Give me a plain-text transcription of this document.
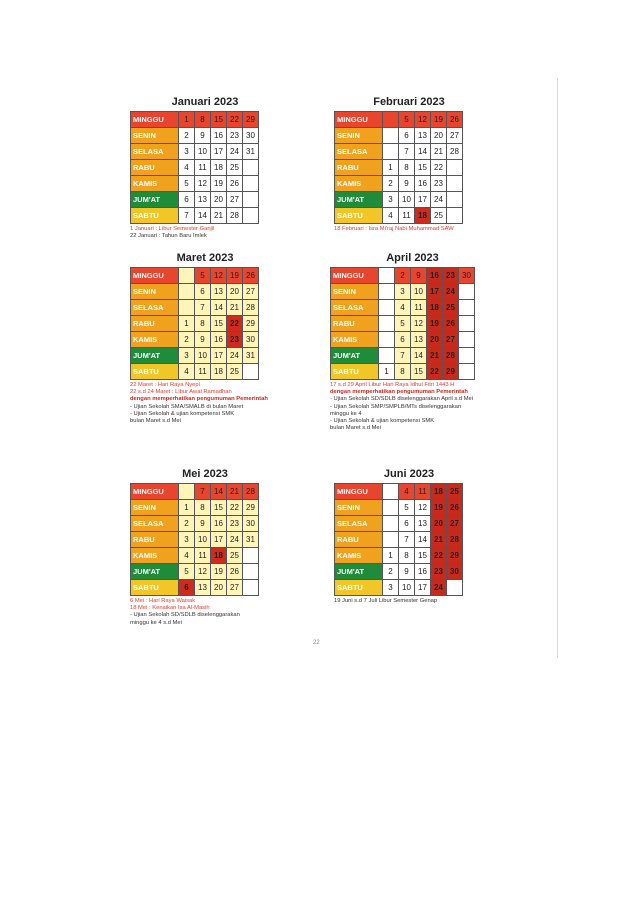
Januari 2023
MINGGU	1	8	15	22	29
SENIN	2	9	16	23	30
SELASA	3	10	17	24	31
RABU	4	11	18	25	
KAMIS	5	12	19	26	
JUM'AT	6	13	20	27	
SABTU	7	14	21	28	
1 Januari : Libur Semester Ganjil
22 Januari : Tahun Baru Imlek
Februari 2023
MINGGU		5	12	19	26
SENIN		6	13	20	27
SELASA		7	14	21	28
RABU	1	8	15	22	
KAMIS	2	9	16	23	
JUM'AT	3	10	17	24	
SABTU	4	11	18	25	
18 Februari : Isra Mi'raj Nabi Muhammad SAW
Maret 2023
MINGGU		5	12	19	26
SENIN		6	13	20	27
SELASA		7	14	21	28
RABU	1	8	15	22	29
KAMIS	2	9	16	23	30
JUM'AT	3	10	17	24	31
SABTU	4	11	18	25	
22 Maret : Hari Raya Nyepi
22 s.d 24 Maret : Libur Awal Ramadhan
dengan memperhatikan pengumuman Pemerintah
- Ujian Sekolah SMA/SMALB di bulan Maret
- Ujian Sekolah & ujian kompetensi SMK
bulan Maret s.d Mei
April 2023
MINGGU		2	9	16	23	30
SENIN		3	10	17	24	
SELASA		4	11	18	25	
RABU		5	12	19	26	
KAMIS		6	13	20	27	
JUM'AT		7	14	21	28	
SABTU	1	8	15	22	29	
17 s.d 29 April Libur Hari Raya Idhul Fitri 1443 H
dengan memperhatikan pengumuman Pemerintah
- Ujian Sekolah SD/SDLB diselenggarakan April s.d Mei
- Ujian Sekolah SMP/SMPLB/MTs diselenggarakan
minggu ke 4
- Ujian Sekolah & ujian kompetensi SMK
bulan Maret s.d Mei
Mei 2023
MINGGU		7	14	21	28
SENIN	1	8	15	22	29
SELASA	2	9	16	23	30
RABU	3	10	17	24	31
KAMIS	4	11	18	25	
JUM'AT	5	12	19	26	
SABTU	6	13	20	27	
6 Mei : Hari Raya Waisak
18 Mei : Kenaikan Isa Al-Masih
- Ujian Sekolah SD/SDLB diselenggarakan
minggu ke 4 s.d Mei
Juni 2023
MINGGU		4	11	18	25
SENIN		5	12	19	26
SELASA		6	13	20	27
RABU		7	14	21	28
KAMIS	1	8	15	22	29
JUM'AT	2	9	16	23	30
SABTU	3	10	17	24	
19 Juni s.d 7 Juli Libur Semester Genap
22
